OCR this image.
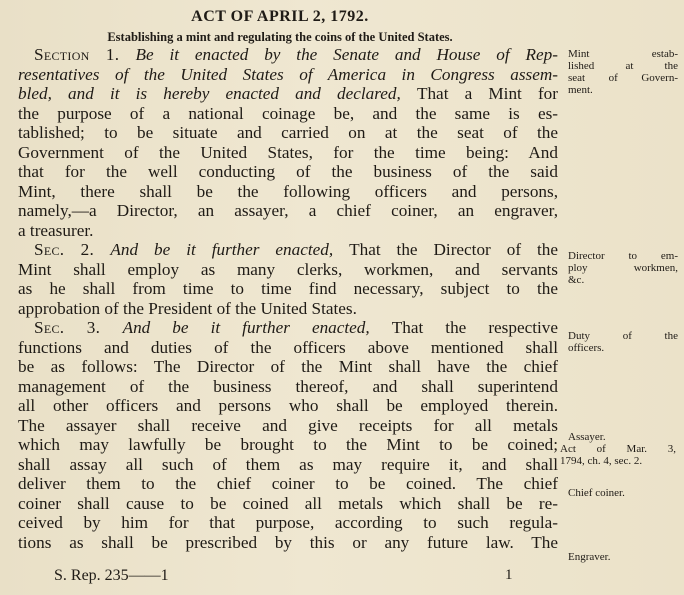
ACT OF APRIL 2, 1792.
Establishing a mint and regulating the coins of the United States.
Section 1. Be it enacted by the Senate and House of Rep-
resentatives of the United States of America in Congress assem-
bled, and it is hereby enacted and declared, That a Mint for
the purpose of a national coinage be, and the same is es-
tablished; to be situate and carried on at the seat of the
Government of the United States, for the time being: And
that for the well conducting of the business of the said
Mint, there shall be the following officers and persons,
namely,—a Director, an assayer, a chief coiner, an engraver,
a treasurer.
Sec. 2. And be it further enacted, That the Director of the
Mint shall employ as many clerks, workmen, and servants
as he shall from time to time find necessary, subject to the
approbation of the President of the United States.
Sec. 3. And be it further enacted, That the respective
functions and duties of the officers above mentioned shall
be as follows: The Director of the Mint shall have the chief
management of the business thereof, and shall superintend
all other officers and persons who shall be employed therein.
The assayer shall receive and give receipts for all metals
which may lawfully be brought to the Mint to be coined;
shall assay all such of them as may require it, and shall
deliver them to the chief coiner to be coined. The chief
coiner shall cause to be coined all metals which shall be re-
ceived by him for that purpose, according to such regula-
tions as shall be prescribed by this or any future law. The
Mint estab-
lished at the
seat of Govern-
ment.
Director to em-
ploy workmen,
&c.
Duty of the
officers.
Assayer.
Act of Mar. 3,
1794, ch. 4, sec. 2.
Chief coiner.
Engraver.
S. Rep. 235——1	1
